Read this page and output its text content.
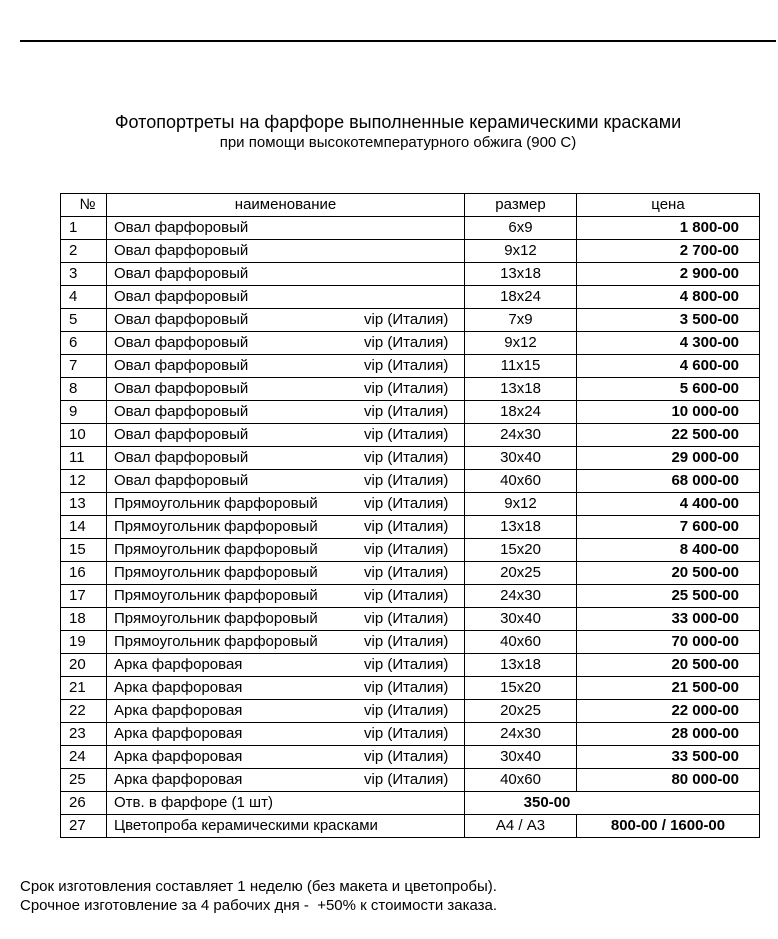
Фотопортреты на фарфоре выполненные керамическими красками
при помощи высокотемпературного обжига (900 С)
№	наименование	размер	цена
1	Овал фарфоровый	6x9	1 800-00
2	Овал фарфоровый	9x12	2 700-00
3	Овал фарфоровый	13x18	2 900-00
4	Овал фарфоровый	18x24	4 800-00
5	Овал фарфоровый vip (Италия)	7x9	3 500-00
6	Овал фарфоровый vip (Италия)	9x12	4 300-00
7	Овал фарфоровый vip (Италия)	11x15	4 600-00
8	Овал фарфоровый vip (Италия)	13x18	5 600-00
9	Овал фарфоровый vip (Италия)	18x24	10 000-00
10	Овал фарфоровый vip (Италия)	24x30	22 500-00
11	Овал фарфоровый vip (Италия)	30x40	29 000-00
12	Овал фарфоровый vip (Италия)	40x60	68 000-00
13	Прямоугольник фарфоровый vip (Италия)	9x12	4 400-00
14	Прямоугольник фарфоровый vip (Италия)	13x18	7 600-00
15	Прямоугольник фарфоровый vip (Италия)	15x20	8 400-00
16	Прямоугольник фарфоровый vip (Италия)	20x25	20 500-00
17	Прямоугольник фарфоровый vip (Италия)	24x30	25 500-00
18	Прямоугольник фарфоровый vip (Италия)	30x40	33 000-00
19	Прямоугольник фарфоровый vip (Италия)	40x60	70 000-00
20	Арка фарфоровая vip (Италия)	13x18	20 500-00
21	Арка фарфоровая vip (Италия)	15x20	21 500-00
22	Арка фарфоровая vip (Италия)	20x25	22 000-00
23	Арка фарфоровая vip (Италия)	24x30	28 000-00
24	Арка фарфоровая vip (Италия)	30x40	33 500-00
25	Арка фарфоровая vip (Италия)	40x60	80 000-00
26	Отв. в фарфоре (1 шт)	350-00	
27	Цветопроба керамическими красками	А4 / А3	800-00 / 1600-00
Срок изготовления составляет 1 неделю (без макета и цветопробы).
Срочное изготовление за 4 рабочих дня -  +50% к стоимости заказа.
